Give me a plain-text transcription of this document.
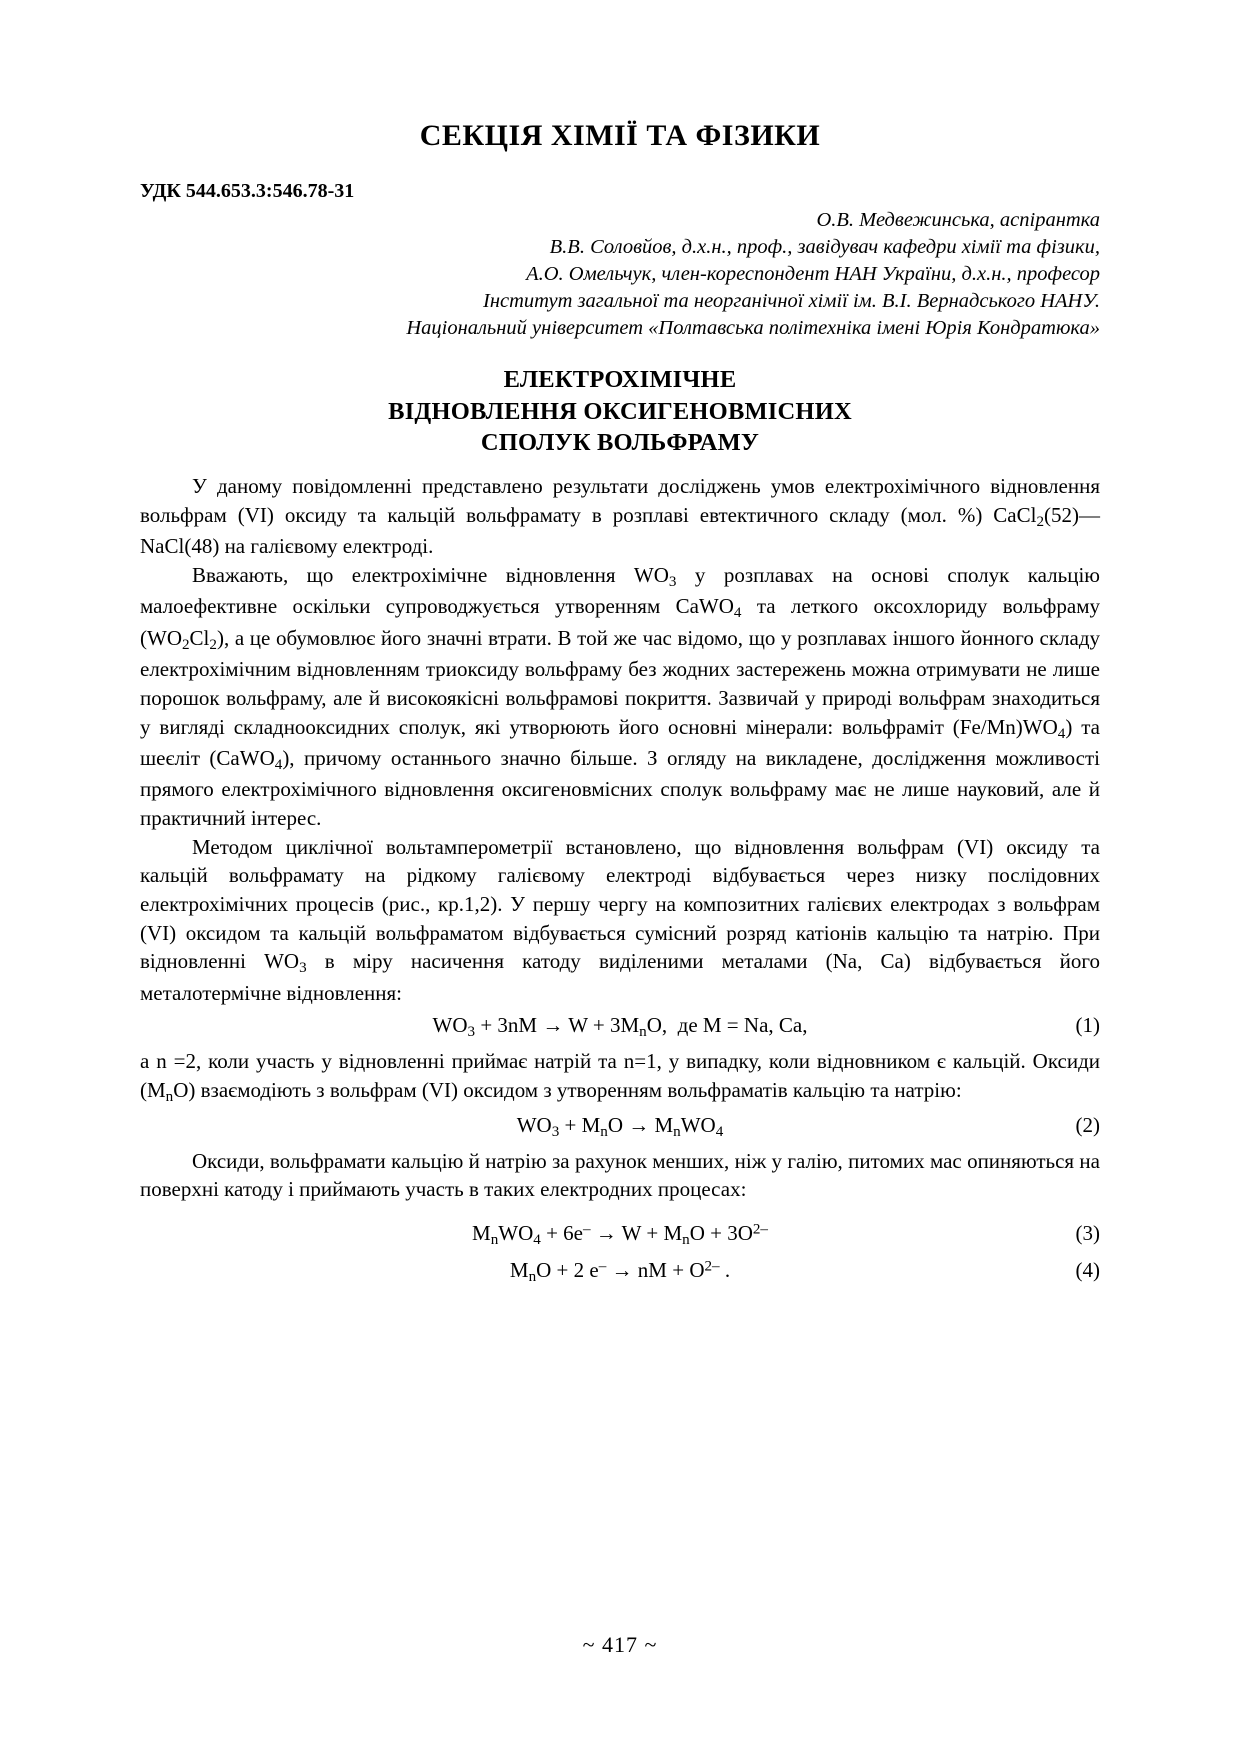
СЕКЦІЯ ХІМІЇ ТА ФІЗИКИ
УДК 544.653.3:546.78-31
О.В. Медвежинська, аспірантка
В.В. Соловйов, д.х.н., проф., завідувач кафедри хімії та фізики,
А.О. Омельчук, член-кореспондент НАН України, д.х.н., професор
Інститут загальної та неорганічної хімії ім. В.І. Вернадського НАНУ.
Національний університет «Полтавська політехніка імені Юрія Кондратюка»
ЕЛЕКТРОХІМІЧНЕ
ВІДНОВЛЕННЯ ОКСИГЕНОВМІСНИХ
СПОЛУК ВОЛЬФРАМУ

У даному повідомленні представлено результати досліджень умов електрохімічного відновлення вольфрам (VI) оксиду та кальцій вольфрамату в розплаві евтектичного складу (мол. %) CaCl$_2$(52)—NaCl(48) на галієвому електроді.

Вважають, що електрохімічне відновлення $WO_3$ у розплавах на основі сполук кальцію малоефективне оскільки супроводжується утворенням CaWO$_4$ та леткого оксохлориду вольфраму $(WO_2Cl_2)$, а це обумовлює його значні втрати. В той же час відомо, що у розплавах іншого йонного складу електрохімічним відновленням триоксиду вольфраму без жодних застережень можна отримувати не лише порошок вольфраму, але й високоякісні вольфрамові покриття. Зазвичай у природі вольфрам знаходиться у вигляді складнооксидних сполук, які утворюють його основні мінерали: вольфраміт $(Fe/Mn)WO_4$) та шеєліт (CaWO$_4$), причому останнього значно більше. З огляду на викладене, дослідження можливості прямого електрохімічного відновлення оксигеновмісних сполук вольфраму має не лише науковий, але й практичний інтерес.

Методом циклічної вольтамперометрії встановлено, що відновлення вольфрам (VI) оксиду та кальцій вольфрамату на рідкому галієвому електроді відбувається через низку послідовних електрохімічних процесів (рис., кр.1,2). У першу чергу на композитних галієвих електродах з вольфрам (VI) оксидом та кальцій вольфраматом відбувається сумісний розряд катіонів кальцію та натрію. При відновленні $WO_3$ в міру насичення катоду виділеними металами (Na, Ca) відбувається його металотермічне відновлення:

$WO_3 + 3nM \to W + 3M_nO$,  де M = Na, Ca,	(1)

а n =2, коли участь у відновленні приймає натрій та n=1, у випадку, коли відновником є кальцій. Оксиди $(M_nO)$ взаємодіють з вольфрам (VI) оксидом з утворенням вольфраматів кальцію та натрію:

$WO_3 + M_nO \to M_nWO_4$	(2)

Оксиди, вольфрамати кальцію й натрію за рахунок менших, ніж у галію, питомих мас опиняються на поверхні катоду і приймають участь в таких електродних процесах:

$M_nWO_4 + 6e^- \to W + M_nO + 3O^{2-}$	(3)
$M_nO + 2$ e– → nM + $O^{2-}$ .	(4)
~ 417 ~
